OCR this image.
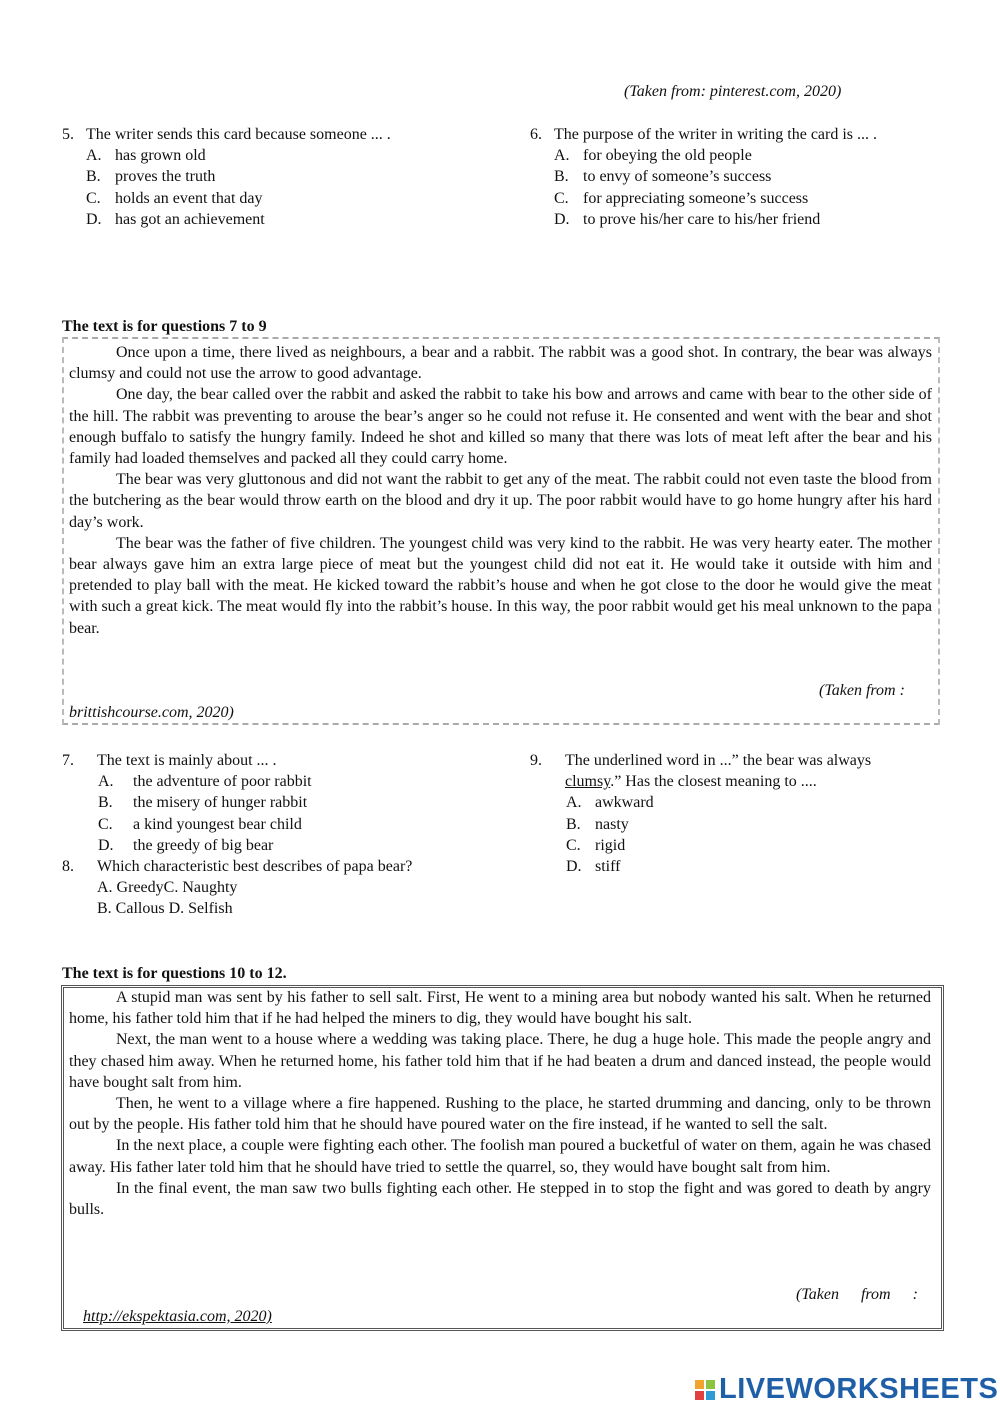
(Taken from: pinterest.com, 2020)
5. The writer sends this card because someone ... .
A. has grown old
B. proves the truth
C. holds an event that day
D. has got an achievement
6. The purpose of the writer in writing the card is ... .
A. for obeying the old people
B. to envy of someone’s success
C. for appreciating someone’s success
D. to prove his/her care to his/her friend
The text is for questions 7 to 9

Once upon a time, there lived as neighbours, a bear and a rabbit. The rabbit was a good shot. In contrary, the bear was always clumsy and could not use the arrow to good advantage.

One day, the bear called over the rabbit and asked the rabbit to take his bow and arrows and came with bear to the other side of the hill. The rabbit was preventing to arouse the bear’s anger so he could not refuse it. He consented and went with the bear and shot enough buffalo to satisfy the hungry family. Indeed he shot and killed so many that there was lots of meat left after the bear and his family had loaded themselves and packed all they could carry home.

The bear was very gluttonous and did not want the rabbit to get any of the meat. The rabbit could not even taste the blood from the butchering as the bear would throw earth on the blood and dry it up. The poor rabbit would have to go home hungry after his hard day’s work.

The bear was the father of five children. The youngest child was very kind to the rabbit. He was very hearty eater. The mother bear always gave him an extra large piece of meat but the youngest child did not eat it. He would take it outside with him and pretended to play ball with the meat. He kicked toward the rabbit’s house and when he got close to the door he would give the meat with such a great kick. The meat would fly into the rabbit’s house. In this way, the poor rabbit would get his meal unknown to the papa bear.

(Taken from :
brittishcourse.com, 2020)
7. The text is mainly about ... .
A. the adventure of poor rabbit
B. the misery of hunger rabbit
C. a kind youngest bear child
D. the greedy of big bear
8. Which characteristic best describes of papa bear?
A. GreedyC. Naughty
B. Callous D. Selfish
9. The underlined word in ...” the bear was always
clumsy.” Has the closest meaning to ....
A. awkward
B. nasty
C. rigid
D. stiff
The text is for questions 10 to 12.

A stupid man was sent by his father to sell salt. First, He went to a mining area but nobody wanted his salt. When he returned home, his father told him that if he had helped the miners to dig, they would have bought his salt.

Next, the man went to a house where a wedding was taking place. There, he dug a huge hole. This made the people angry and they chased him away. When he returned home, his father told him that if he had beaten a drum and danced instead, the people would have bought salt from him.

Then, he went to a village where a fire happened. Rushing to the place, he started drumming and dancing, only to be thrown out by the people. His father told him that he should have poured water on the fire instead, if he wanted to sell the salt.

In the next place, a couple were fighting each other. The foolish man poured a bucketful of water on them, again he was chased away. His father later told him that he should have tried to settle the quarrel, so, they would have bought salt from him.

In the final event, the man saw two bulls fighting each other. He stepped in to stop the fight and was gored to death by angry bulls.

(Taken from :
http://ekspektasia.com, 2020)
LIVEWORKSHEETS
